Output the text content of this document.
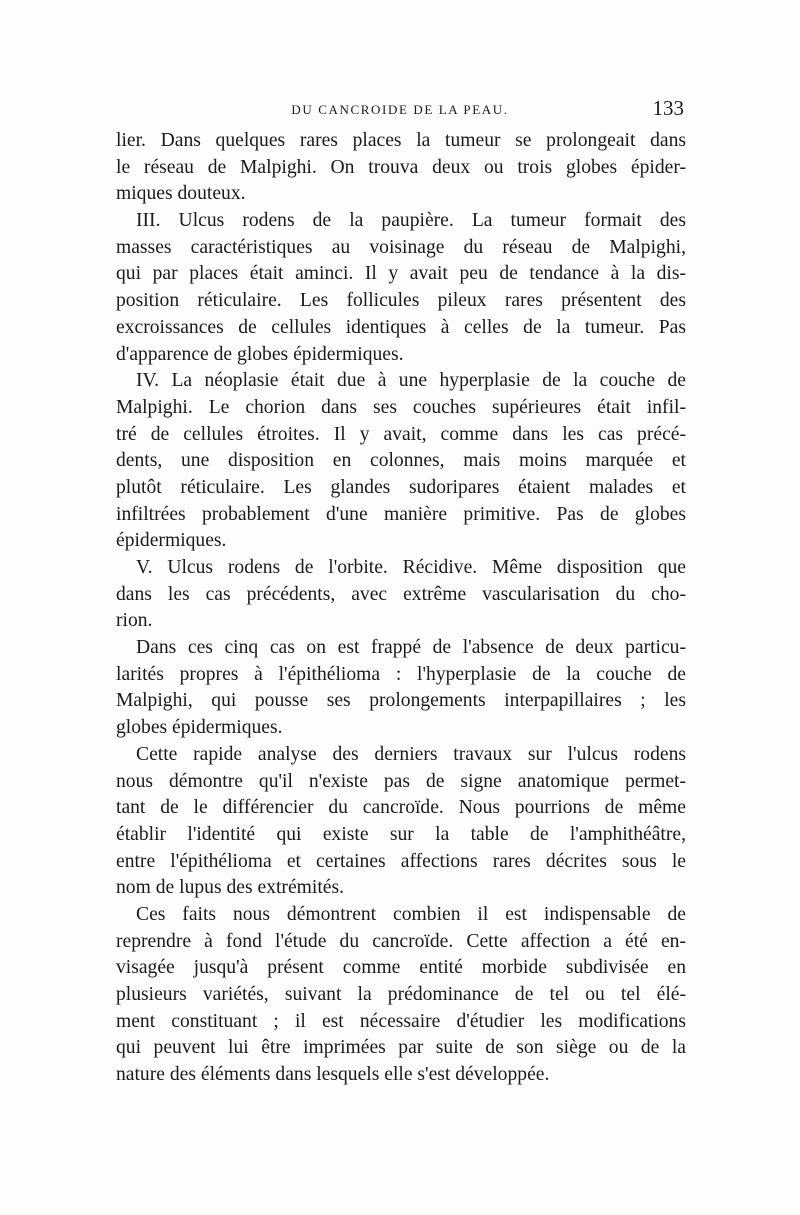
DU CANCROIDE DE LA PEAU.	133
lier. Dans quelques rares places la tumeur se prolongeait dans
le réseau de Malpighi. On trouva deux ou trois globes épider-
miques douteux.
III. Ulcus rodens de la paupière. La tumeur formait des
masses caractéristiques au voisinage du réseau de Malpighi,
qui par places était aminci. Il y avait peu de tendance à la dis-
position réticulaire. Les follicules pileux rares présentent des
excroissances de cellules identiques à celles de la tumeur. Pas
d'apparence de globes épidermiques.
IV. La néoplasie était due à une hyperplasie de la couche de
Malpighi. Le chorion dans ses couches supérieures était infil-
tré de cellules étroites. Il y avait, comme dans les cas précé-
dents, une disposition en colonnes, mais moins marquée et
plutôt réticulaire. Les glandes sudoripares étaient malades et
infiltrées probablement d'une manière primitive. Pas de globes
épidermiques.
V. Ulcus rodens de l'orbite. Récidive. Même disposition que
dans les cas précédents, avec extrême vascularisation du cho-
rion.
Dans ces cinq cas on est frappé de l'absence de deux particu-
larités propres à l'épithélioma : l'hyperplasie de la couche de
Malpighi, qui pousse ses prolongements interpapillaires ; les
globes épidermiques.
Cette rapide analyse des derniers travaux sur l'ulcus rodens
nous démontre qu'il n'existe pas de signe anatomique permet-
tant de le différencier du cancroïde. Nous pourrions de même
établir l'identité qui existe sur la table de l'amphithéâtre,
entre l'épithélioma et certaines affections rares décrites sous le
nom de lupus des extrémités.
Ces faits nous démontrent combien il est indispensable de
reprendre à fond l'étude du cancroïde. Cette affection a été en-
visagée jusqu'à présent comme entité morbide subdivisée en
plusieurs variétés, suivant la prédominance de tel ou tel élé-
ment constituant ; il est nécessaire d'étudier les modifications
qui peuvent lui être imprimées par suite de son siège ou de la
nature des éléments dans lesquels elle s'est développée.
